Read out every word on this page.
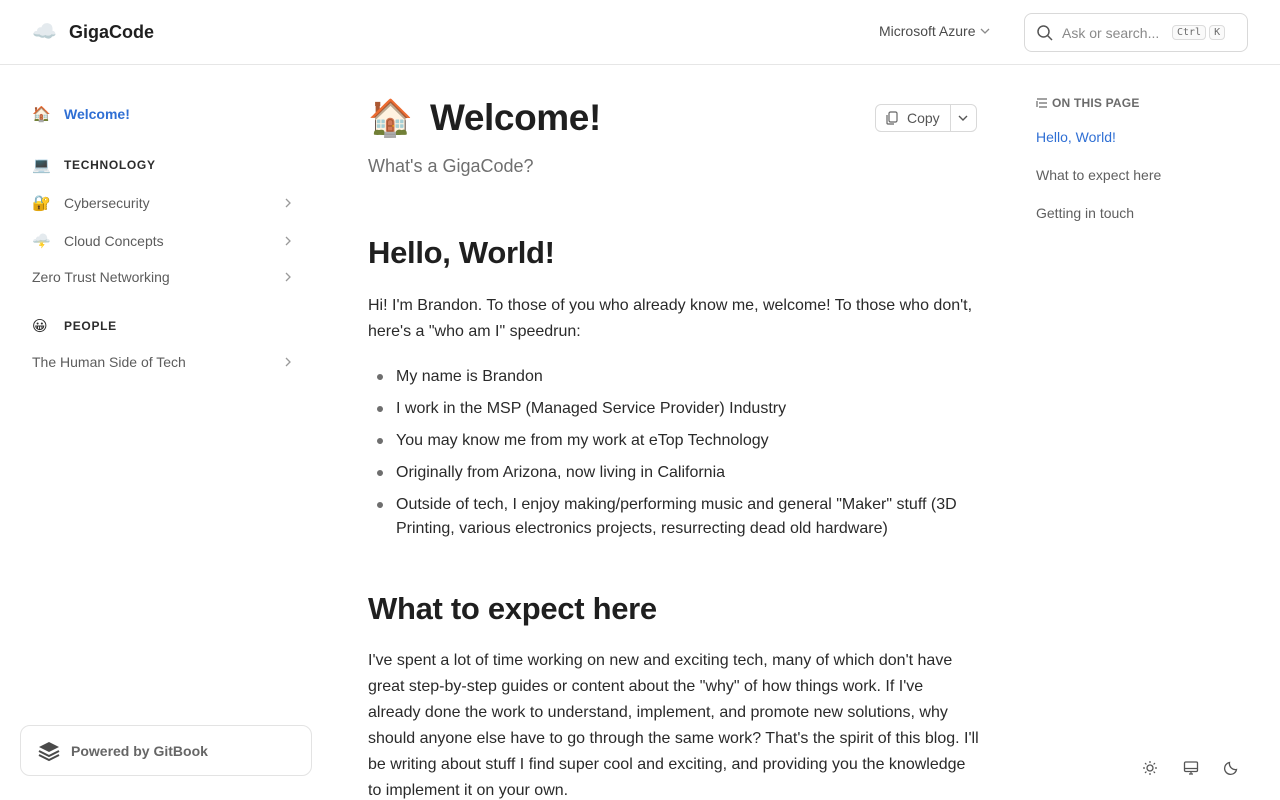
☁️ GigaCode	Microsoft Azure	Ask or search...	Ctrl	K
🏠 Welcome!
💻	TECHNOLOGY
🔐 Cybersecurity
🌩️ Cloud Concepts
Zero Trust Networking
😀	PEOPLE
The Human Side of Tech
Powered by GitBook
🏠 Welcome!	Copy
What's a GigaCode?
Hello, World!

Hi! I'm Brandon. To those of you who already know me, welcome! To those who don't, here's a "who am I" speedrun:

My name is Brandon
I work in the MSP (Managed Service Provider) Industry
You may know me from my work at eTop Technology
Originally from Arizona, now living in California
Outside of tech, I enjoy making/performing music and general "Maker" stuff (3D Printing, various electronics projects, resurrecting dead old hardware)
What to expect here

I've spent a lot of time working on new and exciting tech, many of which don't have great step-by-step guides or content about the "why" of how things work. If I've already done the work to understand, implement, and promote new solutions, why should anyone else have to go through the same work? That's the spirit of this blog. I'll be writing about stuff I find super cool and exciting, and providing you the knowledge to implement it on your own.

ON THIS PAGE
Hello, World!
What to expect here
Getting in touch
